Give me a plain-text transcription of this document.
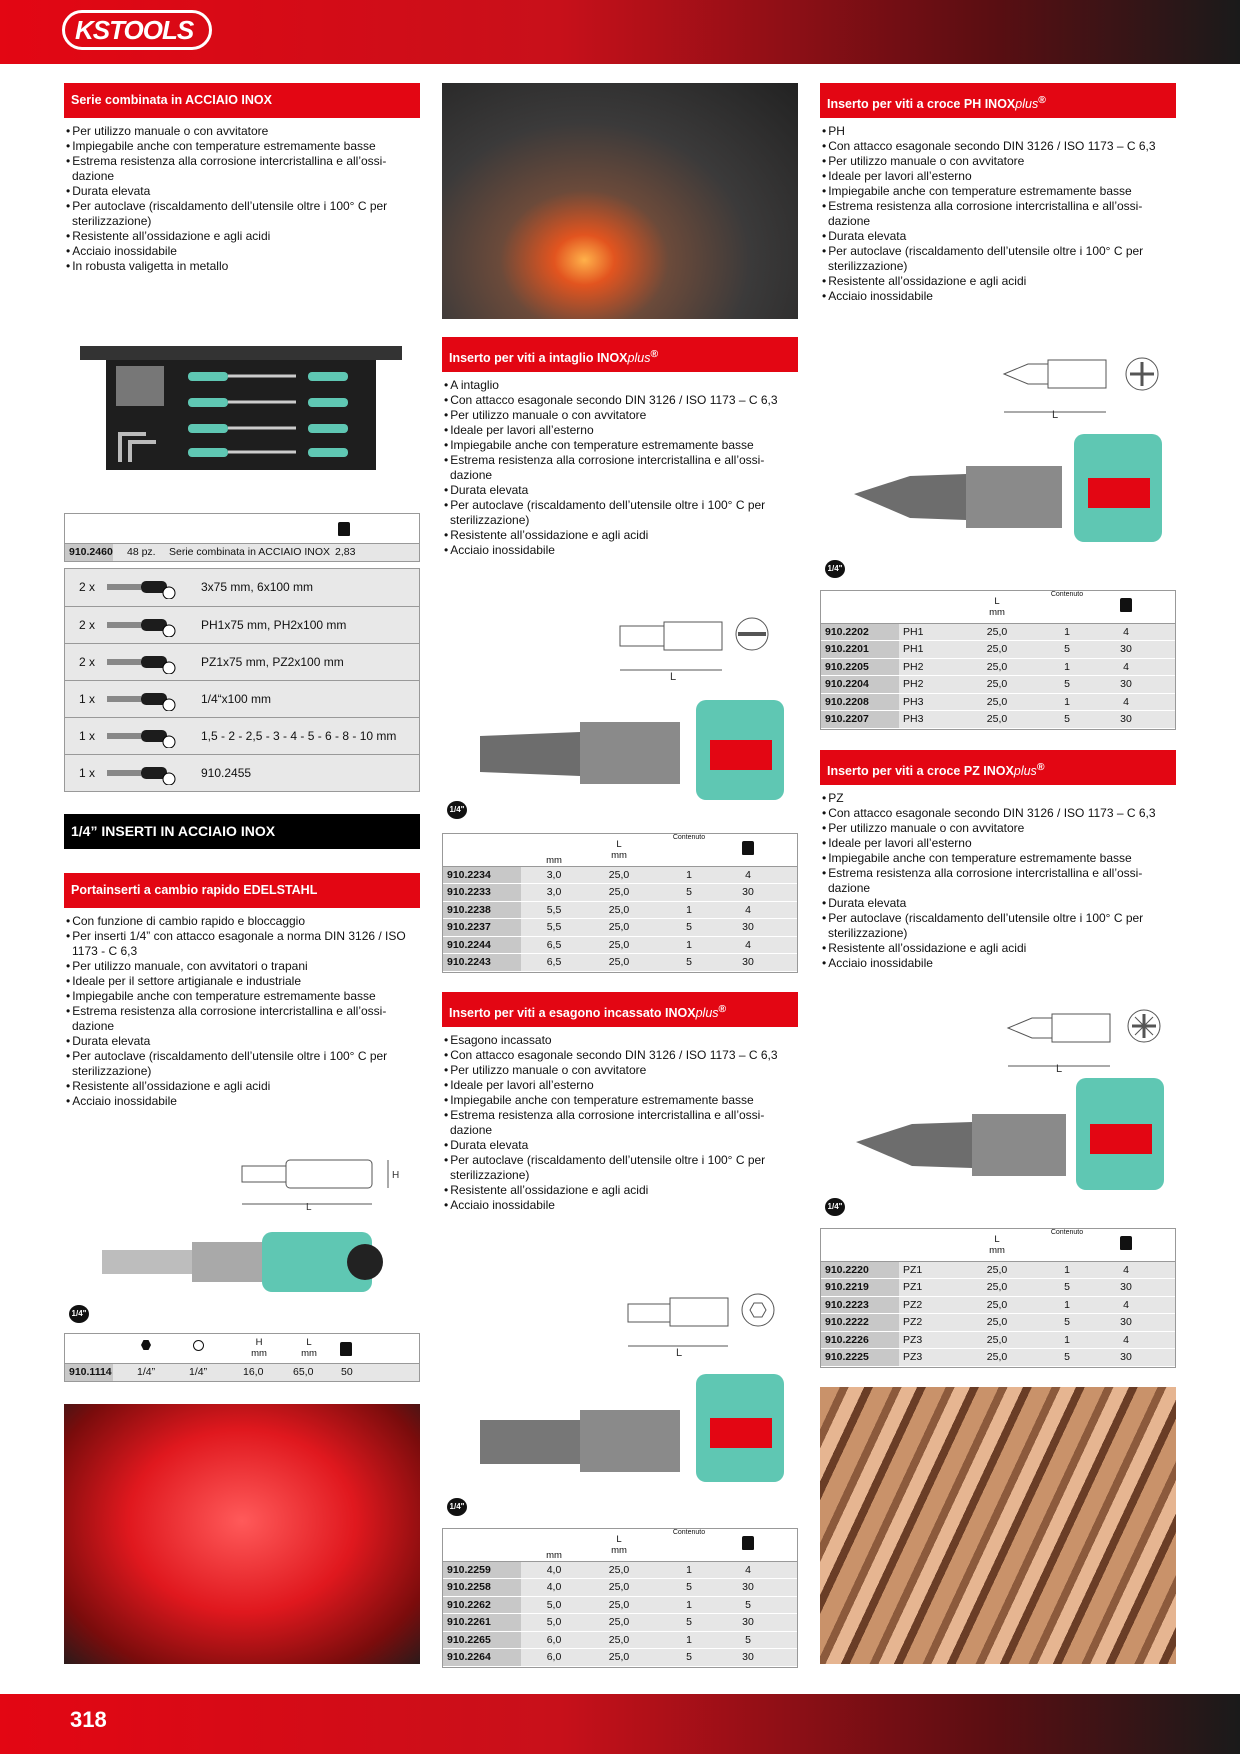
KSTOOLS
318
Serie combinata in ACCIAIO INOX
• Per utilizzo manuale o con avvitatore
• Impiegabile anche con temperature estremamente basse
• Estrema resistenza alla corrosione intercristallina e all’ossi-dazione
• Durata elevata
• Per autoclave (riscaldamento dell’utensile oltre i 100° C per sterilizzazione)
• Resistente all’ossidazione e agli acidi
• Acciaio inossidabile
• In robusta valigetta in metallo
910.2460 48 pz. Serie combinata in ACCIAIO INOX 2,83
2 x	3x75 mm, 6x100 mm
2 x	PH1x75 mm, PH2x100 mm
2 x	PZ1x75 mm, PZ2x100 mm
1 x	1/4“x100 mm
1 x	1,5 - 2 - 2,5 - 3 - 4 - 5 - 6 - 8 - 10 mm
1 x	910.2455
1/4” INSERTI IN ACCIAIO INOX
Portainserti a cambio rapido EDELSTAHL
• Con funzione di cambio rapido e bloccaggio
• Per inserti 1/4” con attacco esagonale a norma DIN 3126 / ISO 1173 - C 6,3
• Per utilizzo manuale, con avvitatori o trapani
• Ideale per il settore artigianale e industriale
• Impiegabile anche con temperature estremamente basse
• Estrema resistenza alla corrosione intercristallina e all’ossi-dazione
• Durata elevata
• Per autoclave (riscaldamento dell’utensile oltre i 100° C per sterilizzazione)
• Resistente all’ossidazione e agli acidi
• Acciaio inossidabile
L
H
1/4"
H
mm
L
mm
910.1114 1/4”	1/4”	16,0	65,0	50
Inserto per viti a intaglio INOXplus®
• A intaglio
• Con attacco esagonale secondo DIN 3126 / ISO 1173 – C 6,3
• Per utilizzo manuale o con avvitatore
• Ideale per lavori all’esterno
• Impiegabile anche con temperature estremamente basse
• Estrema resistenza alla corrosione intercristallina e all’ossi-dazione
• Durata elevata
• Per autoclave (riscaldamento dell’utensile oltre i 100° C per sterilizzazione)
• Resistente all’ossidazione e agli acidi
• Acciaio inossidabile
L
1/4"
	mm	L
mm	Contenuto		
910.2234	3,0	25,0	1	4	
910.2233	3,0	25,0	5	30	
910.2238	5,5	25,0	1	4	
910.2237	5,5	25,0	5	30	
910.2244	6,5	25,0	1	4	
910.2243	6,5	25,0	5	30	
Inserto per viti a esagono incassato INOXplus®
• Esagono incassato
• Con attacco esagonale secondo DIN 3126 / ISO 1173 – C 6,3
• Per utilizzo manuale o con avvitatore
• Ideale per lavori all’esterno
• Impiegabile anche con temperature estremamente basse
• Estrema resistenza alla corrosione intercristallina e all’ossi-dazione
• Durata elevata
• Per autoclave (riscaldamento dell’utensile oltre i 100° C per sterilizzazione)
• Resistente all’ossidazione e agli acidi
• Acciaio inossidabile
L
1/4"
	mm	L
mm	Contenuto		
910.2259	4,0	25,0	1	4	
910.2258	4,0	25,0	5	30	
910.2262	5,0	25,0	1	5	
910.2261	5,0	25,0	5	30	
910.2265	6,0	25,0	1	5	
910.2264	6,0	25,0	5	30	
Inserto per viti a croce PH INOXplus®
• PH
• Con attacco esagonale secondo DIN 3126 / ISO 1173 – C 6,3
• Per utilizzo manuale o con avvitatore
• Ideale per lavori all’esterno
• Impiegabile anche con temperature estremamente basse
• Estrema resistenza alla corrosione intercristallina e all’ossi-dazione
• Durata elevata
• Per autoclave (riscaldamento dell’utensile oltre i 100° C per sterilizzazione)
• Resistente all’ossidazione e agli acidi
• Acciaio inossidabile
L
1/4"
		L
mm	Contenuto		
910.2202	PH1	25,0	1	4	
910.2201	PH1	25,0	5	30	
910.2205	PH2	25,0	1	4	
910.2204	PH2	25,0	5	30	
910.2208	PH3	25,0	1	4	
910.2207	PH3	25,0	5	30	
Inserto per viti a croce PZ INOXplus®
• PZ
• Con attacco esagonale secondo DIN 3126 / ISO 1173 – C 6,3
• Per utilizzo manuale o con avvitatore
• Ideale per lavori all’esterno
• Impiegabile anche con temperature estremamente basse
• Estrema resistenza alla corrosione intercristallina e all’ossi-dazione
• Durata elevata
• Per autoclave (riscaldamento dell’utensile oltre i 100° C per sterilizzazione)
• Resistente all’ossidazione e agli acidi
• Acciaio inossidabile
L
1/4"
		L
mm	Contenuto		
910.2220	PZ1	25,0	1	4	
910.2219	PZ1	25,0	5	30	
910.2223	PZ2	25,0	1	4	
910.2222	PZ2	25,0	5	30	
910.2226	PZ3	25,0	1	4	
910.2225	PZ3	25,0	5	30	
